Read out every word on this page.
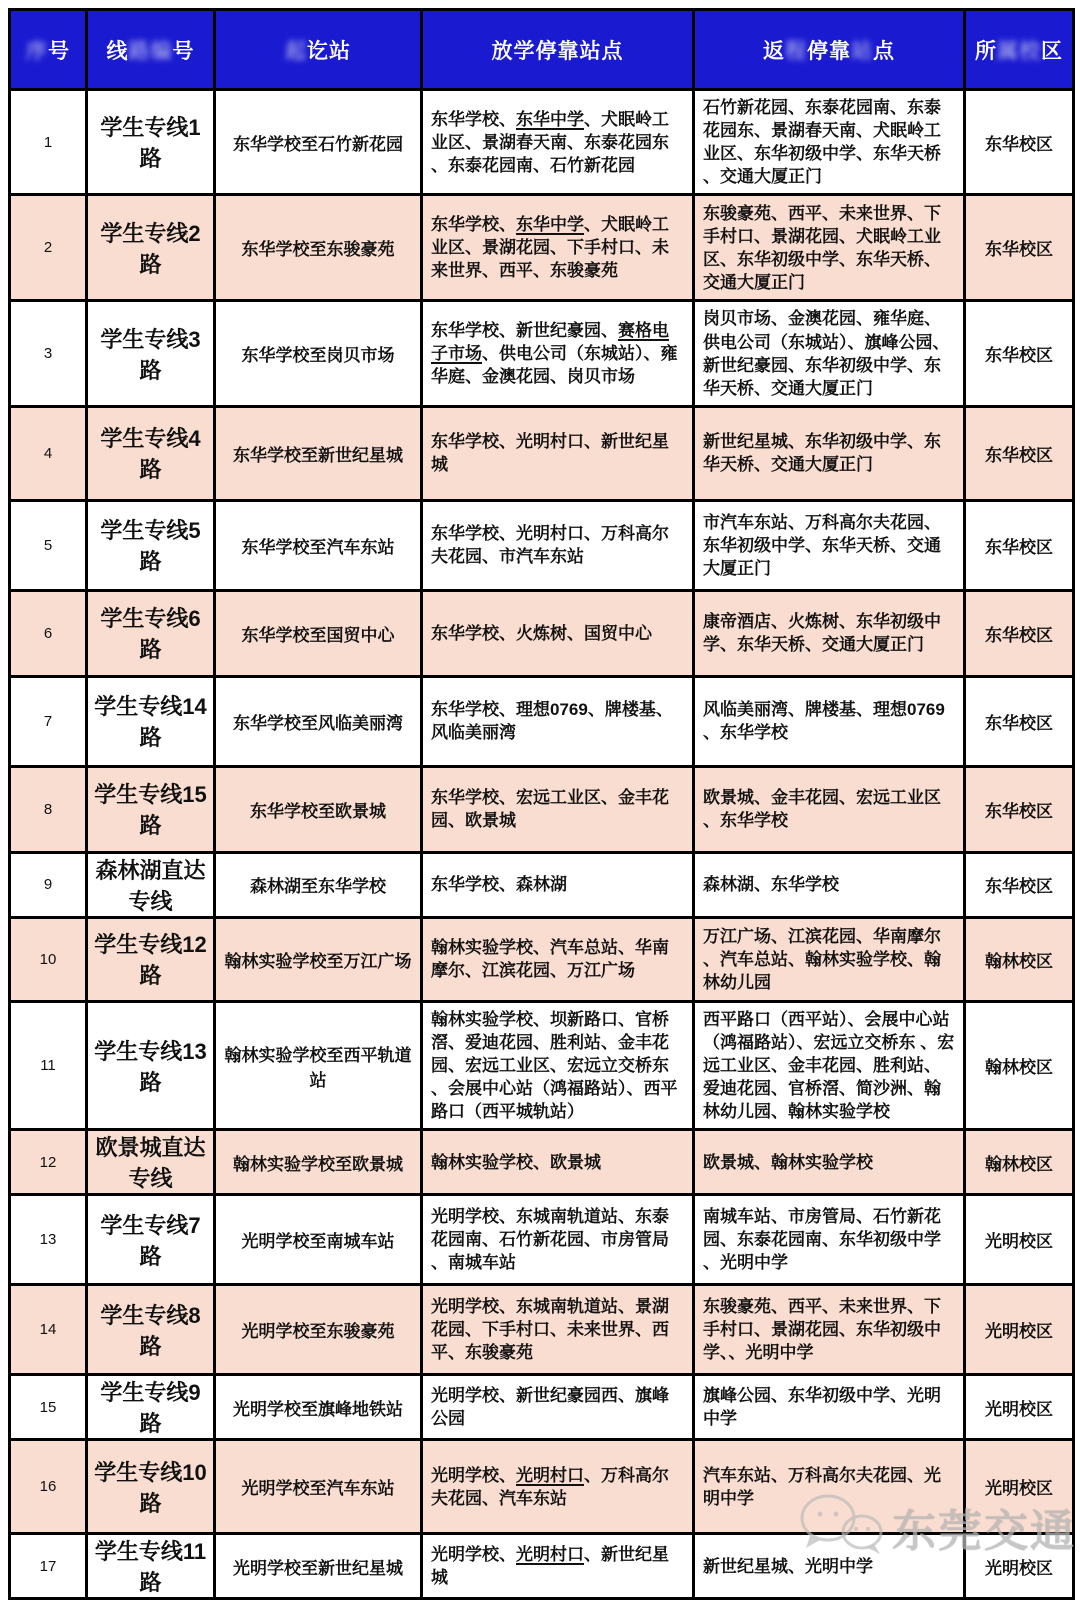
序号	线路编号	起讫站	放学停靠站点	返程停靠站点	所属校区
1	学生专线1路	东华学校至石竹新花园	东华学校、东华中学、犬眠岭工业区、景湖春天南、东泰花园东、东泰花园南、石竹新花园	石竹新花园、东泰花园南、东泰花园东、景湖春天南、犬眠岭工业区、东华初级中学、东华天桥、交通大厦正门	东华校区
2	学生专线2路	东华学校至东骏豪苑	东华学校、东华中学、犬眠岭工业区、景湖花园、下手村口、未来世界、西平、东骏豪苑	东骏豪苑、西平、未来世界、下手村口、景湖花园、犬眠岭工业区、东华初级中学、东华天桥、交通大厦正门	东华校区
3	学生专线3路	东华学校至岗贝市场	东华学校、新世纪豪园、赛格电子市场、供电公司（东城站）、雍华庭、金澳花园、岗贝市场	岗贝市场、金澳花园、雍华庭、供电公司（东城站）、旗峰公园、新世纪豪园、东华初级中学、东华天桥、交通大厦正门	东华校区
4	学生专线4路	东华学校至新世纪星城	东华学校、光明村口、新世纪星城	新世纪星城、东华初级中学、东华天桥、交通大厦正门	东华校区
5	学生专线5路	东华学校至汽车东站	东华学校、光明村口、万科高尔夫花园、市汽车东站	市汽车东站、万科高尔夫花园、东华初级中学、东华天桥、交通大厦正门	东华校区
6	学生专线6路	东华学校至国贸中心	东华学校、火炼树、国贸中心	康帝酒店、火炼树、东华初级中学、东华天桥、交通大厦正门	东华校区
7	学生专线14路	东华学校至风临美丽湾	东华学校、理想0769、牌楼基、风临美丽湾	风临美丽湾、牌楼基、理想0769、东华学校	东华校区
8	学生专线15路	东华学校至欧景城	东华学校、宏远工业区、金丰花园、欧景城	欧景城、金丰花园、宏远工业区、东华学校	东华校区
9	森林湖直达专线	森林湖至东华学校	东华学校、森林湖	森林湖、东华学校	东华校区
10	学生专线12路	翰林实验学校至万江广场	翰林实验学校、汽车总站、华南摩尔、江滨花园、万江广场	万江广场、江滨花园、华南摩尔、汽车总站、翰林实验学校、翰林幼儿园	翰林校区
11	学生专线13路	翰林实验学校至西平轨道站	翰林实验学校、坝新路口、官桥滘、爱迪花园、胜利站、金丰花园、宏远工业区、宏远立交桥东 、会展中心站（鸿福路站）、西平路口（西平城轨站）	西平路口（西平站）、会展中心站（鸿福路站）、宏远立交桥东 、宏远工业区、金丰花园、胜利站、爱迪花园、官桥滘、简沙洲、翰林幼儿园、翰林实验学校	翰林校区
12	欧景城直达专线	翰林实验学校至欧景城	翰林实验学校、欧景城	欧景城、翰林实验学校	翰林校区
13	学生专线7路	光明学校至南城车站	光明学校、东城南轨道站、东泰花园南、石竹新花园、市房管局、南城车站	南城车站、市房管局、石竹新花园、东泰花园南、东华初级中学、光明中学	光明校区
14	学生专线8路	光明学校至东骏豪苑	光明学校、东城南轨道站、景湖花园、下手村口、未来世界、西平、东骏豪苑	东骏豪苑、西平、未来世界、下手村口、景湖花园、东华初级中学、、光明中学	光明校区
15	学生专线9路	光明学校至旗峰地铁站	光明学校、新世纪豪园西、旗峰公园	旗峰公园、东华初级中学、光明中学	光明校区
16	学生专线10路	光明学校至汽车东站	光明学校、光明村口、万科高尔夫花园、汽车东站	汽车东站、万科高尔夫花园、光明中学	光明校区
17	学生专线11路	光明学校至新世纪星城	光明学校、光明村口、新世纪星城	新世纪星城、光明中学	光明校区
东莞交通
